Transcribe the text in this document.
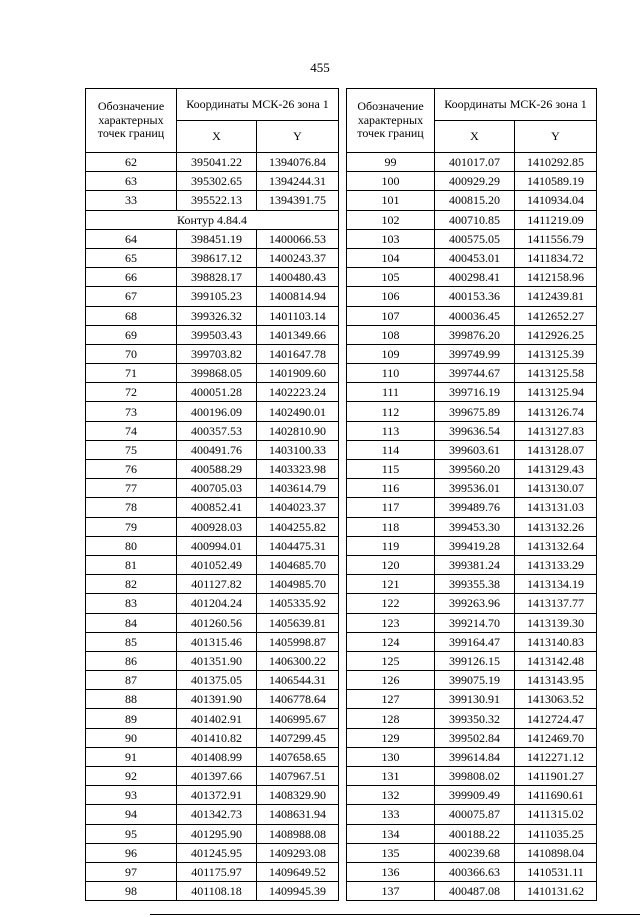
455
Обозначение характерных точек границ	Координаты МСК-26 зона 1	
	X	Y
62	395041.22	1394076.84
63	395302.65	1394244.31
33	395522.13	1394391.75
Контур 4.84.4		
64	398451.19	1400066.53
65	398617.12	1400243.37
66	398828.17	1400480.43
67	399105.23	1400814.94
68	399326.32	1401103.14
69	399503.43	1401349.66
70	399703.82	1401647.78
71	399868.05	1401909.60
72	400051.28	1402223.24
73	400196.09	1402490.01
74	400357.53	1402810.90
75	400491.76	1403100.33
76	400588.29	1403323.98
77	400705.03	1403614.79
78	400852.41	1404023.37
79	400928.03	1404255.82
80	400994.01	1404475.31
81	401052.49	1404685.70
82	401127.82	1404985.70
83	401204.24	1405335.92
84	401260.56	1405639.81
85	401315.46	1405998.87
86	401351.90	1406300.22
87	401375.05	1406544.31
88	401391.90	1406778.64
89	401402.91	1406995.67
90	401410.82	1407299.45
91	401408.99	1407658.65
92	401397.66	1407967.51
93	401372.91	1408329.90
94	401342.73	1408631.94
95	401295.90	1408988.08
96	401245.95	1409293.08
97	401175.97	1409649.52
98	401108.18	1409945.39
Обозначение характерных точек границ	Координаты МСК-26 зона 1	
	X	Y
99	401017.07	1410292.85
100	400929.29	1410589.19
101	400815.20	1410934.04
102	400710.85	1411219.09
103	400575.05	1411556.79
104	400453.01	1411834.72
105	400298.41	1412158.96
106	400153.36	1412439.81
107	400036.45	1412652.27
108	399876.20	1412926.25
109	399749.99	1413125.39
110	399744.67	1413125.58
111	399716.19	1413125.94
112	399675.89	1413126.74
113	399636.54	1413127.83
114	399603.61	1413128.07
115	399560.20	1413129.43
116	399536.01	1413130.07
117	399489.76	1413131.03
118	399453.30	1413132.26
119	399419.28	1413132.64
120	399381.24	1413133.29
121	399355.38	1413134.19
122	399263.96	1413137.77
123	399214.70	1413139.30
124	399164.47	1413140.83
125	399126.15	1413142.48
126	399075.19	1413143.95
127	399130.91	1413063.52
128	399350.32	1412724.47
129	399502.84	1412469.70
130	399614.84	1412271.12
131	399808.02	1411901.27
132	399909.49	1411690.61
133	400075.87	1411315.02
134	400188.22	1411035.25
135	400239.68	1410898.04
136	400366.63	1410531.11
137	400487.08	1410131.62
